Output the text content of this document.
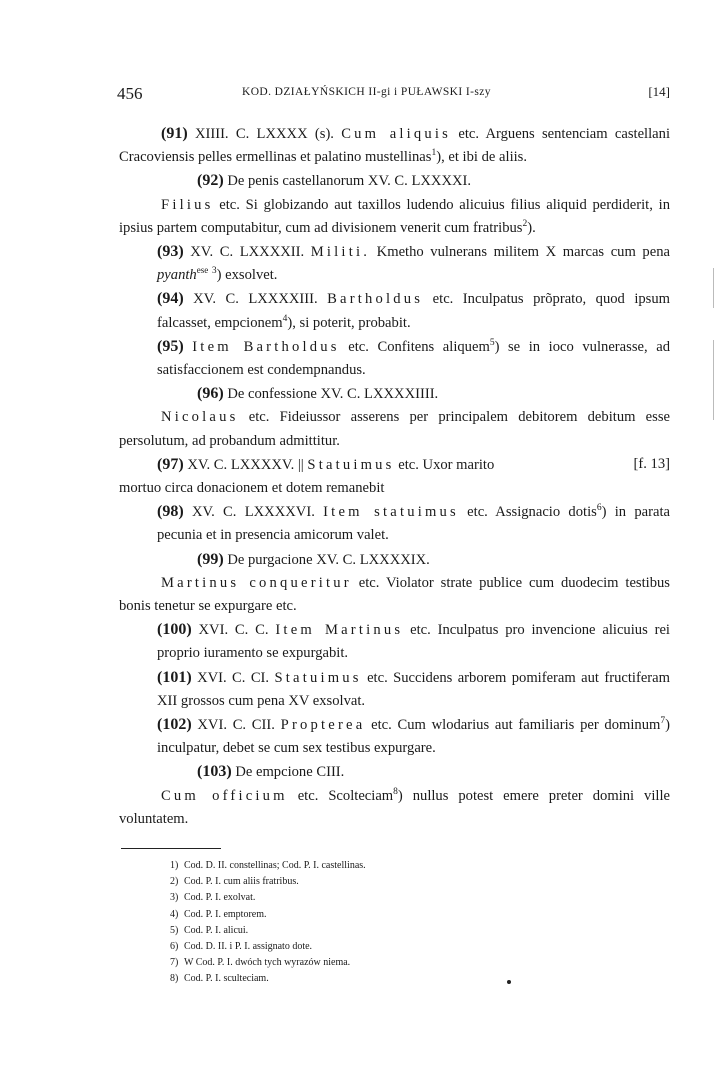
456	KOD. DZIAŁYŃSKICH II-gi i PUŁAWSKI I-szy	[14]

(91) XIIII. C. LXXXX (s). Cum aliquis etc. Arguens sentenciam castellani Cracoviensis pelles ermellinas et palatino mustellinas$^1$), et ibi de aliis.

(92) De penis castellanorum XV. C. LXXXXI.

Filius etc. Si globizando aut taxillos ludendo alicuius filius aliquid perdiderit, in ipsius partem computabitur, cum ad divisionem venerit cum fratribus$^2$).

(93) XV. C. LXXXXII. Militi. Kmetho vulnerans militem X marcas cum pena pyanth$^{ese}$ $^3$) exsolvet.

(94) XV. C. LXXXXIII. Bartholdus etc. Inculpatus prõprato, quod ipsum falcasset, empcionem$^4$), si poterit, probabit.

(95) Item Bartholdus etc. Confitens aliquem$^5$) se in ioco vulnerasse, ad satisfaccionem est condempnandus.

(96) De confessione XV. C. LXXXXIIII.

Nicolaus etc. Fideiussor asserens per principalem debitorem debitum esse persolutum, ad probandum admittitur.

[f. 13]
(97) XV. C. LXXXXV. || Statuimus etc. Uxor marito

mortuo circa donacionem et dotem remanebit

(98) XV. C. LXXXXVI. Item statuimus etc. Assignacio dotis$^6$) in parata pecunia et in presencia amicorum valet.

(99) De purgacione XV. C. LXXXXIX.

Martinus conqueritur etc. Violator strate publice cum duodecim testibus bonis tenetur se expurgare etc.

(100) XVI. C. C. Item Martinus etc. Inculpatus pro invencione alicuius rei proprio iuramento se expurgabit.

(101) XVI. C. CI. Statuimus etc. Succidens arborem pomiferam aut fructiferam XII grossos cum pena XV exsolvat.

(102) XVI. C. CII. Propterea etc. Cum wlodarius aut familiaris per dominum$^7$) inculpatur, debet se cum sex testibus expurgare.

(103) De empcione CIII.

Cum officium etc. Scolteciam$^8$) nullus potest emere preter domini ville voluntatem.

1) Cod. D. II. constellinas; Cod. P. I. castellinas.
2) Cod. P. I. cum aliis fratribus.
3) Cod. P. I. exolvat.
4) Cod. P. I. emptorem.
5) Cod. P. I. alicui.
6) Cod. D. II. i P. I. assignato dote.
7) W Cod. P. I. dwóch tych wyrazów niema.
8) Cod. P. I. sculteciam.
